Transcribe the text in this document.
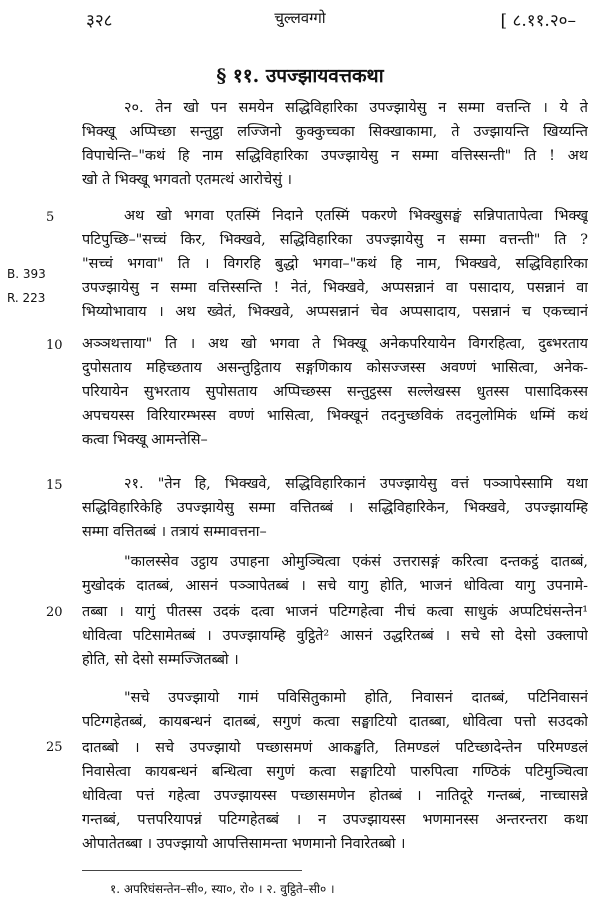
३२८	चुल्लवग्गो	[ ८.११.२०–
§ ११. उपज्झायवत्तकथा
B. 393
R. 223
5
10
15
20
25
२०. तेन खो पन समयेन सद्धिविहारिका उपज्झायेसु न सम्मा वत्तन्ति । ये ते
भिक्खू अप्पिच्छा सन्तुट्ठा लज्जिनो कुक्कुच्चका सिक्खाकामा, ते उज्झायन्ति खिय्यन्ति
विपाचेन्ति–"कथं हि नाम सद्धिविहारिका उपज्झायेसु न सम्मा वत्तिस्सन्ती" ति ! अथ
खो ते भिक्खू भगवतो एतमत्थं आरोचेसुं ।
अथ खो भगवा एतस्मिं निदाने एतस्मिं पकरणे भिक्खुसङ्घं सन्निपातापेत्वा भिक्खू
पटिपुच्छि–"सच्चं किर, भिक्खवे, सद्धिविहारिका उपज्झायेसु न सम्मा वत्तन्ती" ति ?
"सच्चं भगवा" ति । विगरहि बुद्धो भगवा–"कथं हि नाम, भिक्खवे, सद्धिविहारिका
उपज्झायेसु न सम्मा वत्तिस्सन्ति ! नेतं, भिक्खवे, अप्पसन्नानं वा पसादाय, पसन्नानं वा
भिय्योभावाय । अथ ख्वेतं, भिक्खवे, अप्पसन्नानं चेव अप्पसादाय, पसन्नानं च एकच्चानं
अञ्ञथत्ताया" ति । अथ खो भगवा ते भिक्खू अनेकपरियायेन विगरहित्वा, दुब्भरताय
दुपोसताय महिच्छताय असन्तुट्ठिताय सङ्गणिकाय कोसज्जस्स अवण्णं भासित्वा, अनेक-
परियायेन सुभरताय सुपोसताय अप्पिच्छस्स सन्तुट्ठस्स सल्लेखस्स धुतस्स पासादिकस्स
अपचयस्स विरियारम्भस्स वण्णं भासित्वा, भिक्खूनं तदनुच्छविकं तदनुलोमिकं धम्मिं कथं
कत्वा भिक्खू आमन्तेसि–
२१. "तेन हि, भिक्खवे, सद्धिविहारिकानं उपज्झायेसु वत्तं पञ्ञापेस्सामि यथा
सद्धिविहारिकेहि उपज्झायेसु सम्मा वत्तितब्बं । सद्धिविहारिकेन, भिक्खवे, उपज्झायम्हि
सम्मा वत्तितब्बं । तत्रायं सम्मावत्तना–
"कालस्सेव उट्ठाय उपाहना ओमुञ्चित्वा एकंसं उत्तरासङ्गं करित्वा दन्तकट्ठं दातब्बं,
मुखोदकं दातब्बं, आसनं पञ्ञापेतब्बं । सचे यागु होति, भाजनं धोवित्वा यागु उपनामे-
तब्बा । यागुं पीतस्स उदकं दत्वा भाजनं पटिग्गहेत्वा नीचं कत्वा साधुकं अप्पटिघंसन्तेन¹
धोवित्वा पटिसामेतब्बं । उपज्झायम्हि वुट्ठिते² आसनं उद्धरितब्बं । सचे सो देसो उक्लापो
होति, सो देसो सम्मज्जितब्बो ।
"सचे उपज्झायो गामं पविसितुकामो होति, निवासनं दातब्बं, पटिनिवासनं
पटिग्गहेतब्बं, कायबन्धनं दातब्बं, सगुणं कत्वा सङ्घाटियो दातब्बा, धोवित्वा पत्तो सउदको
दातब्बो । सचे उपज्झायो पच्छासमणं आकङ्खति, तिमण्डलं पटिच्छादेन्तेन परिमण्डलं
निवासेत्वा कायबन्धनं बन्धित्वा सगुणं कत्वा सङ्घाटियो पारुपित्वा गण्ठिकं पटिमुञ्चित्वा
धोवित्वा पत्तं गहेत्वा उपज्झायस्स पच्छासमणेन होतब्बं । नातिदूरे गन्तब्बं, नाच्चासन्ने
गन्तब्बं, पत्तपरियापन्नं पटिग्गहेतब्बं । न उपज्झायस्स भणमानस्स अन्तरन्तरा कथा
ओपातेतब्बा । उपज्झायो आपत्तिसामन्ता भणमानो निवारेतब्बो ।
१. अपरिघंसन्तेन–सी०, स्या०, रो० । २. वुट्ठिते–सी० ।
